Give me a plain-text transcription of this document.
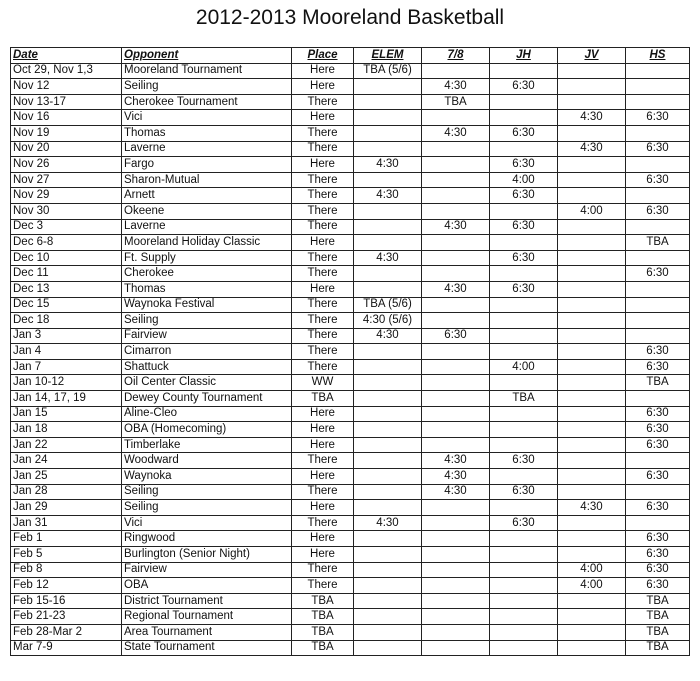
2012-2013 Mooreland Basketball
Date	Opponent	Place	ELEM	7/8	JH	JV	HS
Oct 29, Nov 1,3	Mooreland Tournament	Here	TBA (5/6)				
Nov 12	Seiling	Here		4:30	6:30		
Nov 13-17	Cherokee Tournament	There		TBA			
Nov 16	Vici	Here				4:30	6:30
Nov 19	Thomas	There		4:30	6:30		
Nov 20	Laverne	There				4:30	6:30
Nov 26	Fargo	Here	4:30		6:30		
Nov 27	Sharon-Mutual	There			4:00		6:30
Nov 29	Arnett	There	4:30		6:30		
Nov 30	Okeene	There				4:00	6:30
Dec 3	Laverne	There		4:30	6:30		
Dec 6-8	Mooreland Holiday Classic	Here					TBA
Dec 10	Ft. Supply	There	4:30		6:30		
Dec 11	Cherokee	There					6:30
Dec 13	Thomas	Here		4:30	6:30		
Dec 15	Waynoka Festival	There	TBA (5/6)				
Dec 18	Seiling	There	4:30 (5/6)				
Jan 3	Fairview	There	4:30	6:30			
Jan 4	Cimarron	There					6:30
Jan 7	Shattuck	There			4:00		6:30
Jan 10-12	Oil Center Classic	WW					TBA
Jan 14, 17, 19	Dewey County Tournament	TBA			TBA		
Jan 15	Aline-Cleo	Here					6:30
Jan 18	OBA (Homecoming)	Here					6:30
Jan 22	Timberlake	Here					6:30
Jan 24	Woodward	There		4:30	6:30		
Jan 25	Waynoka	Here		4:30			6:30
Jan 28	Seiling	There		4:30	6:30		
Jan 29	Seiling	Here				4:30	6:30
Jan 31	Vici	There	4:30		6:30		
Feb 1	Ringwood	Here					6:30
Feb 5	Burlington (Senior Night)	Here					6:30
Feb 8	Fairview	There				4:00	6:30
Feb 12	OBA	There				4:00	6:30
Feb 15-16	District Tournament	TBA					TBA
Feb 21-23	Regional Tournament	TBA					TBA
Feb 28-Mar 2	Area Tournament	TBA					TBA
Mar 7-9	State Tournament	TBA					TBA
